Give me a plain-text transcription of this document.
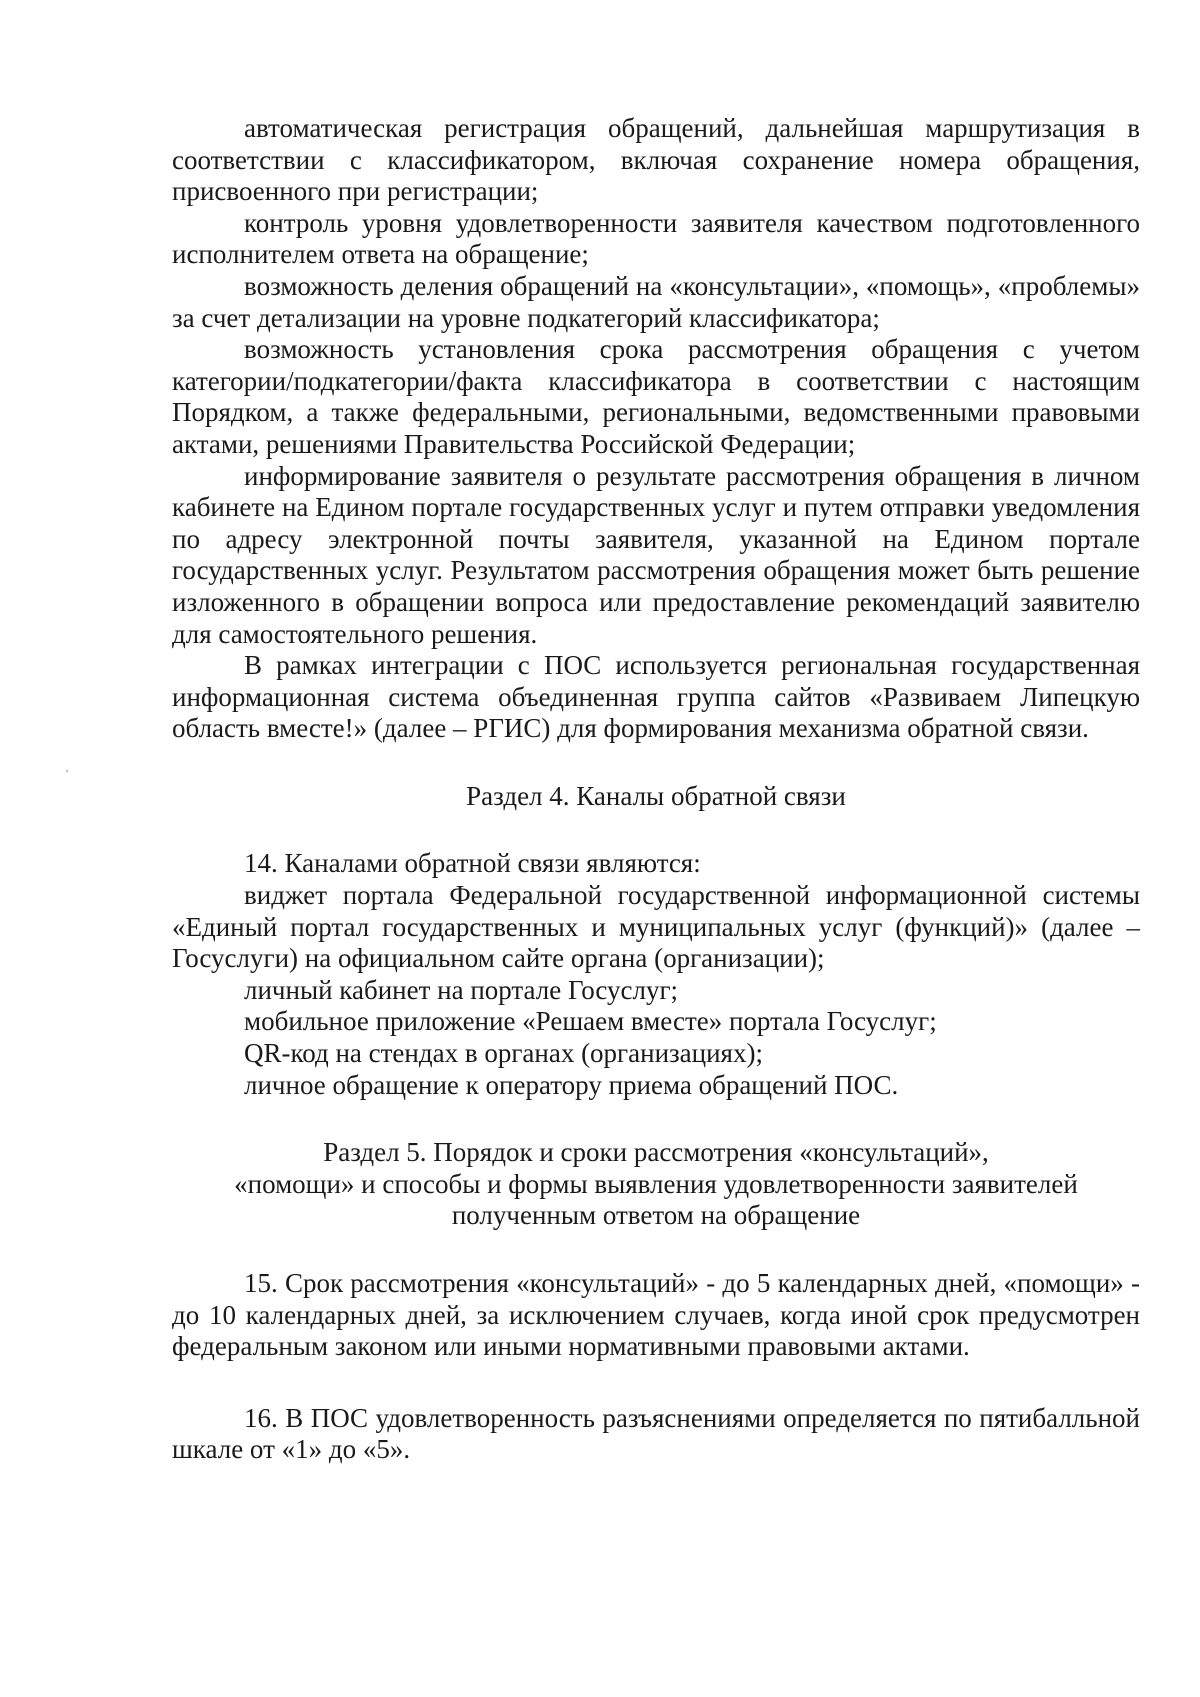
автоматическая регистрация обращений, дальнейшая маршрутизация в соответствии с классификатором, включая сохранение номера обращения, присвоенного при регистрации;

контроль уровня удовлетворенности заявителя качеством подготовленного исполнителем ответа на обращение;

возможность деления обращений на «консультации», «помощь», «проблемы» за счет детализации на уровне подкатегорий классификатора;

возможность установления срока рассмотрения обращения с учетом категории/подкатегории/факта классификатора в соответствии с настоящим Порядком, а также федеральными, региональными, ведомственными правовыми актами, решениями Правительства Российской Федерации;

информирование заявителя о результате рассмотрения обращения в личном кабинете на Едином портале государственных услуг и путем отправки уведомления по адресу электронной почты заявителя, указанной на Едином портале государственных услуг. Результатом рассмотрения обращения может быть решение изложенного в обращении вопроса или предоставление рекомендаций заявителю для самостоятельного решения.

В рамках интеграции с ПОС используется региональная государственная информационная система объединенная группа сайтов «Развиваем Липецкую область вместе!» (далее – РГИС) для формирования механизма обратной связи.

Раздел 4. Каналы обратной связи

14. Каналами обратной связи являются:

виджет портала Федеральной государственной информационной системы «Единый портал государственных и муниципальных услуг (функций)» (далее – Госуслуги) на официальном сайте органа (организации);

личный кабинет на портале Госуслуг;

мобильное приложение «Решаем вместе» портала Госуслуг;

QR-код на стендах в органах (организациях);

личное обращение к оператору приема обращений ПОС.

Раздел 5. Порядок и сроки рассмотрения «консультаций»,

«помощи» и способы и формы выявления удовлетворенности заявителей

полученным ответом на обращение

15. Срок рассмотрения «консультаций» - до 5 календарных дней, «помощи» - до 10 календарных дней, за исключением случаев, когда иной срок предусмотрен федеральным законом или иными нормативными правовыми актами.

16. В ПОС удовлетворенность разъяснениями определяется по пятибалльной шкале от «1» до «5».
